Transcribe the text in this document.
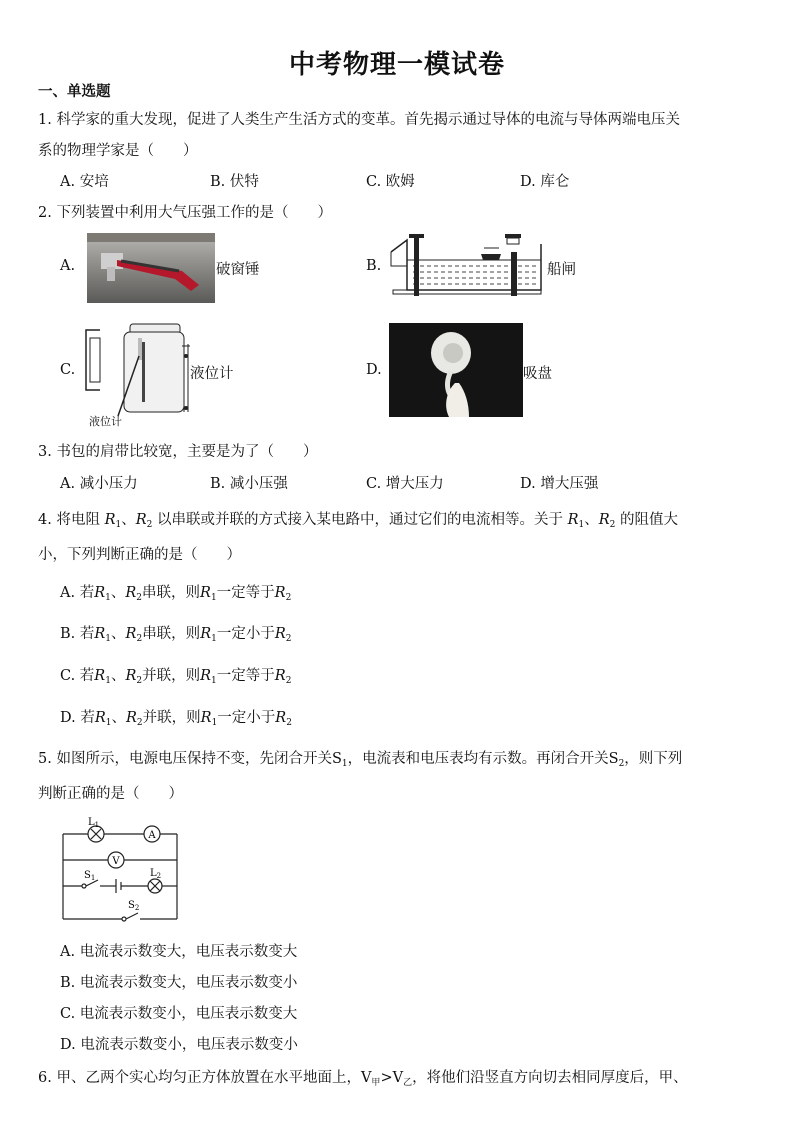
中考物理一模试卷
一、单选题
1. 科学家的重大发现，促进了人类生产生活方式的变革。首先揭示通过导体的电流与导体两端电压关
系的物理学家是（　　）
A. 安培	B. 伏特	C. 欧姆	D. 库仑
2. 下列装置中利用大气压强工作的是（　　）
A.	破窗锤	B.	船闸
C.
液位计
液位计	D.	吸盘
3. 书包的肩带比较宽，主要是为了（　　）
A. 减小压力	B. 减小压强	C. 增大压力	D. 增大压强
4. 将电阻 $R_1$、$R_2$ 以串联或并联的方式接入某电路中，通过它们的电流相等。关于 $R_1$、$R_2$ 的阻值大
小，下列判断正确的是（　　）
A. 若$R_1$、$R_2$串联，则$R_1$一定等于$R_2$
B. 若$R_1$、$R_2$串联，则$R_1$一定小于$R_2$
C. 若$R_1$、$R_2$并联，则$R_1$一定等于$R_2$
D. 若$R_1$、$R_2$并联，则$R_1$一定小于$R_2$
5. 如图所示，电源电压保持不变，先闭合开关$S_1$，电流表和电压表均有示数。再闭合开关$S_2$，则下列
判断正确的是（　　）
A
V
$L_1$
$L_2$
$S_1$
$S_2$
A. 电流表示数变大，电压表示数变大
B. 电流表示数变大，电压表示数变小
C. 电流表示数变小，电压表示数变大
D. 电流表示数变小，电压表示数变小
6. 甲、乙两个实心均匀正方体放置在水平地面上，$V_甲>V_乙$，将他们沿竖直方向切去相同厚度后，甲、
